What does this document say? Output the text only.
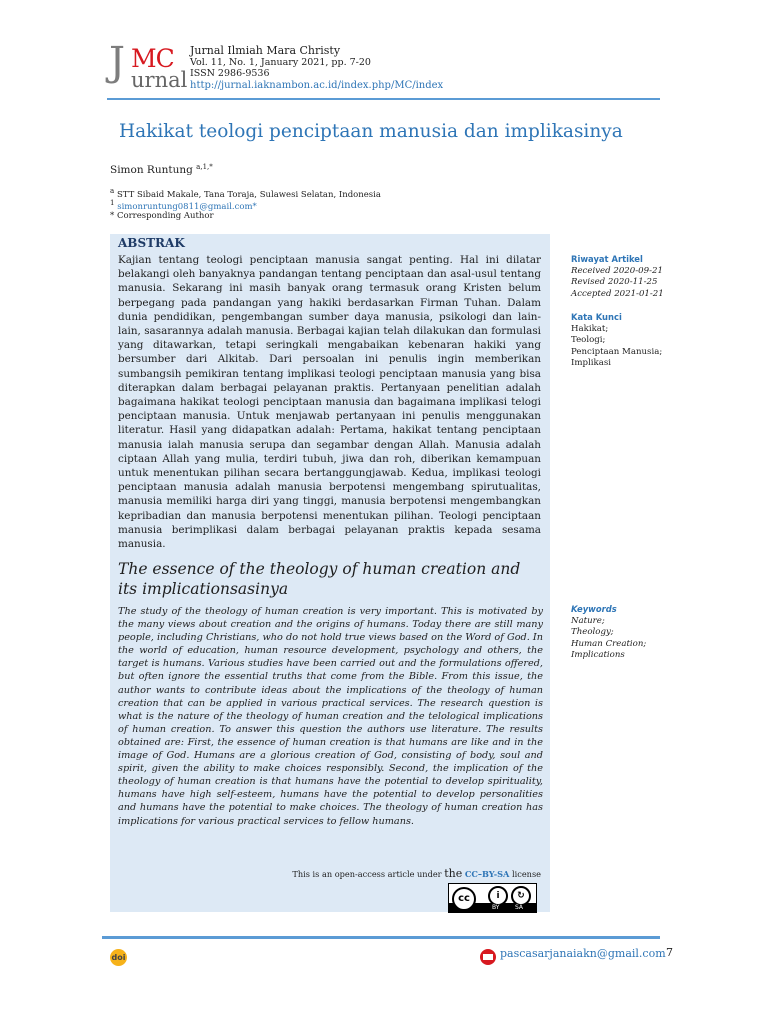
J MC
urnal
Jurnal Ilmiah Mara Christy
Vol. 11, No. 1, January 2021, pp. 7-20
ISSN 2986-9536
http://jurnal.iaknambon.ac.id/index.php/MC/index
Hakikat teologi penciptaan manusia dan implikasinya
Simon Runtung $^{a,1,*}$
$^a$ STT Sibaid Makale, Tana Toraja, Sulawesi Selatan, Indonesia
$^1$ simonruntung0811@gmail.com*
* Corresponding Author
ABSTRAK
Kajian tentang teologi penciptaan manusia sangat penting. Hal ini dilatar belakangi oleh banyaknya pandangan tentang penciptaan dan asal-usul tentang manusia. Sekarang ini masih banyak orang termasuk orang Kristen belum berpegang pada pandangan yang hakiki berdasarkan Firman Tuhan. Dalam dunia pendidikan, pengembangan sumber daya manusia, psikologi dan lain-lain, sasarannya adalah manusia. Berbagai kajian telah dilakukan dan formulasi yang ditawarkan, tetapi seringkali mengabaikan kebenaran hakiki yang bersumber dari Alkitab. Dari persoalan ini penulis ingin memberikan sumbangsih pemikiran tentang implikasi teologi penciptaan manusia yang bisa diterapkan dalam berbagai pelayanan praktis. Pertanyaan penelitian adalah bagaimana hakikat teologi penciptaan manusia dan bagaimana implikasi telogi penciptaan manusia. Untuk menjawab pertanyaan ini penulis menggunakan literatur. Hasil yang didapatkan adalah: Pertama, hakikat tentang penciptaan manusia ialah manusia serupa dan segambar dengan Allah. Manusia adalah ciptaan Allah yang mulia, terdiri tubuh, jiwa dan roh, diberikan kemampuan untuk menentukan pilihan secara bertanggungjawab. Kedua, implikasi teologi penciptaan manusia adalah manusia berpotensi mengembang spirutualitas, manusia memiliki harga diri yang tinggi, manusia berpotensi mengembangkan kepribadian dan manusia berpotensi menentukan pilihan. Teologi penciptaan manusia berimplikasi dalam berbagai pelayanan praktis kepada sesama manusia.
The essence of the theology of human creation and its implicationsasinya
The study of the theology of human creation is very important. This is motivated by the many views about creation and the origins of humans. Today there are still many people, including Christians, who do not hold true views based on the Word of God. In the world of education, human resource development, psychology and others, the target is humans. Various studies have been carried out and the formulations offered, but often ignore the essential truths that come from the Bible. From this issue, the author wants to contribute ideas about the implications of the theology of human creation that can be applied in various practical services. The research question is what is the nature of the theology of human creation and the telological implications of human creation. To answer this question the authors use literature. The results obtained are: First, the essence of human creation is that humans are like and in the image of God. Humans are a glorious creation of God, consisting of body, soul and spirit, given the ability to make choices responsibly. Second, the implication of the theology of human creation is that humans have the potential to develop spirituality, humans have high self-esteem, humans have the potential to develop personalities and humans have the potential to make choices. The theology of human creation has implications for various practical services to fellow humans.
This is an open-access article under the CC–BY-SA license
cc	i	↻
BY	SA
Riwayat Artikel
Received 2020-09-21
Revised 2020-11-25
Accepted 2021-01-21
Kata Kunci
Hakikat;
Teologi;
Penciptaan Manusia;
Implikasi
Keywords
Nature;
Theology;
Human Creation;
Implications
doi	pascasarjanaiakn@gmail.com 7
